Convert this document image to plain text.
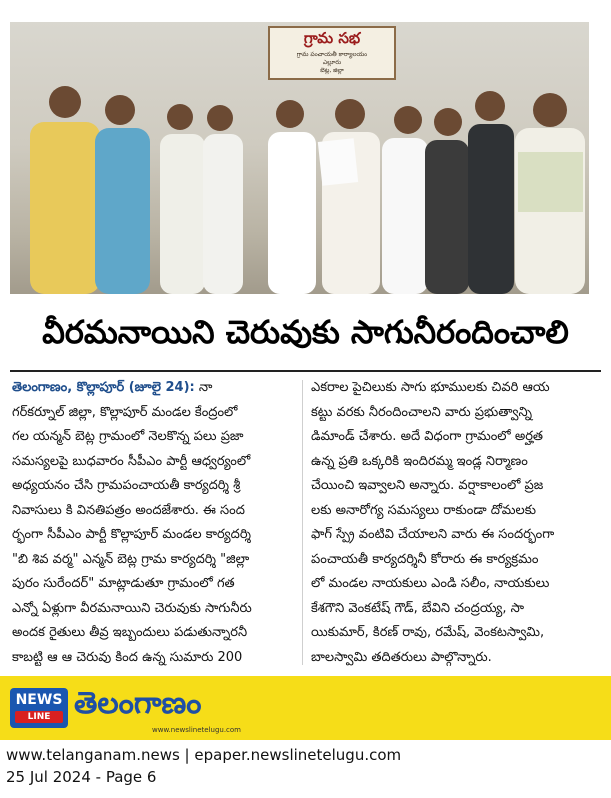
గ్రామ సభ
గ్రామ పంచాయతీ కార్యాలయం
ఎల్లూరు
బెట్ల, జిల్లా
వీరమనాయిని చెరువుకు సాగునీరందించాలి
తెలంగాణం, కొల్లాపూర్ (జూలై 24): నా
గర్‌కర్నూల్ జిల్లా, కొల్లాపూర్ మండల కేంద్రంలో
గల యన్మన్ బెట్ల గ్రామంలో నెలకొన్న పలు ప్రజా
సమస్యలపై బుధవారం సీపీఎం పార్టీ ఆధ్వర్యంలో
అధ్యయనం చేసి గ్రామపంచాయతీ కార్యదర్శి శ్రీ
నివాసులు కి వినతిపత్రం అందజేశారు. ఈ సంద
ర్భంగా సీపీఎం పార్టీ కొల్లాపూర్ మండల కార్యదర్శి
"బి శివ వర్మ" ఎన్మన్ బెట్ల గ్రామ కార్యదర్శి "జిల్లా
పురం సురేందర్" మాట్లాడుతూ గ్రామంలో గత
ఎన్నో ఏళ్లుగా వీరమనాయిని చెరువుకు సాగునీరు
అందక రైతులు తీవ్ర ఇబ్బందులు పడుతున్నారనీ
కాబట్టి ఆ ఆ చెరువు కింద ఉన్న సుమారు 200
ఎకరాల పైచిలుకు సాగు భూములకు చివరి ఆయ
కట్టు వరకు నీరందించాలని వారు ప్రభుత్వాన్ని
డిమాండ్ చేశారు. అదే విధంగా గ్రామంలో అర్హత
ఉన్న ప్రతి ఒక్కరికి ఇందిరమ్మ ఇండ్ల నిర్మాణం
చేయించి ఇవ్వాలని అన్నారు. వర్షాకాలంలో ప్రజ
లకు అనారోగ్య సమస్యలు రాకుండా దోమలకు
ఫాగ్ స్ప్రే వంటివి చేయాలని వారు ఈ సందర్భంగా
పంచాయతీ కార్యదర్శినీ కోరారు ఈ కార్యక్రమం
లో మండల నాయకులు ఎండి సలీం, నాయకులు
కేశగౌని వెంకటేష్ గౌడ్, బేవిని చంద్రయ్య, సా
యికుమార్, కిరణ్ రావు, రమేష్, వెంకటస్వామి,
బాలస్వామి తదితరులు పాల్గొన్నారు.
NEWS
LINE తెలంగాణం
www.newslinetelugu.com
www.telanganam.news | epaper.newslinetelugu.com
25 Jul 2024 - Page 6
